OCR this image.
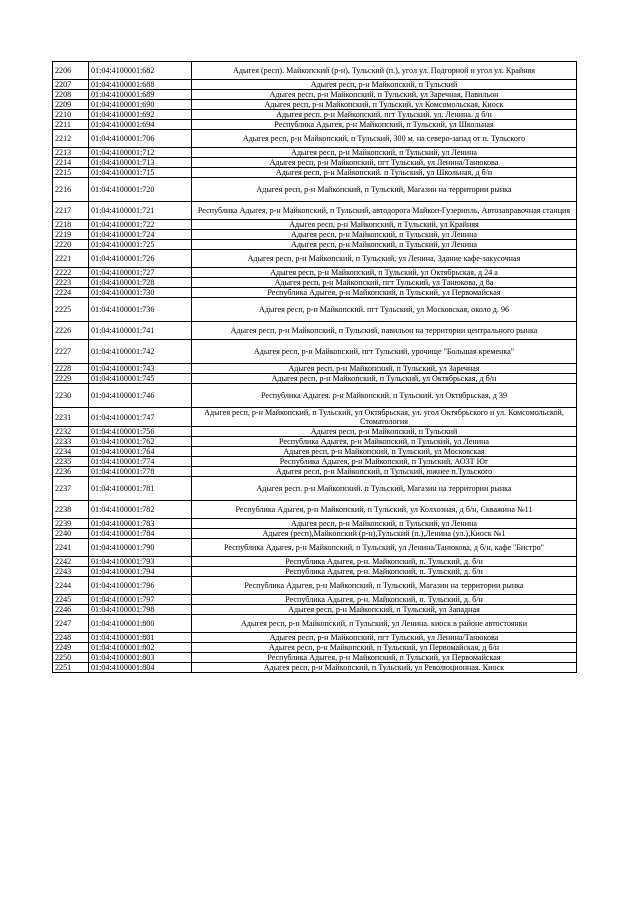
2206	01:04:4100001:682	Адыгея (респ). Майкопский (р-н), Тульский (п.), угол ул. Подгорной и угол ул. Крайняя
2207	01:04:4100001:688	Адыгея респ, р-н Майкопский, п Тульский
2208	01:04:4100001:689	Адыгея респ, р-н Майкопский, п Тульский, ул Заречная, Павильон
2209	01:04:4100001:690	Адыгея респ, р-н Майкопский, п Тульский, ул Комсомольская, Киоск
2210	01:04:4100001:692	Адыгея респ. р-н Майкопский. пгт Тульский. ул. Ленина. д б/н
2211	01:04:4100001:694	Республика Адыгея, р-н Майкопский, п Тульский, ул Школьная
2212	01:04:4100001:706	Адыгея респ, р-н Майкопский, п Тульский, 300 м. на северо-запад от п. Тульского
2213	01:04:4100001:712	Адыгея респ, р-н Майкопский, п Тульский, ул Ленина
2214	01:04:4100001:713	Адыгея респ, р-н Майкопский, пгт Тульский, ул Ленина/Танюкова
2215	01:04:4100001:715	Адыгея респ, р-н Майкопский. п Тульский, ул Школьная, д б/н
2216	01:04:4100001:720	Адыгея респ, р-н Майкопский, п Тульский, Магазин на территории рынка
2217	01:04:4100001:721	Республика Адыгея, р-н Майкопский, п Тульский, автодорога Майкоп-Гузерипль, Автозаправочная станция
2218	01:04:4100001:722	Адыгея респ, р-н Майкопский, п Тульский, ул Крайняя
2219	01:04:4100001:724	Адыгея респ, р-н Майкопский, п Тульский, ул Ленина
2220	01:04:4100001:725	Адыгея респ, р-н Майкопский, п Тульский, ул Ленина
2221	01:04:4100001:726	Адыгея респ, р-н Майкопский, п Тульский, ул Ленина, Здание кафе-закусочная
2222	01:04:4100001:727	Адыгея респ, р-н Майкопский, п Тульский, ул Октябрьская, д 24 а
2223	01:04:4100001:728	Адыгея респ, р-н Майкопский, пгт Тульский, ул Танюкова, д 8а
2224	01:04:4100001:730	Республика Адыгея, р-н Майкопский, п Тульский, ул Первомайская
2225	01:04:4100001:736	Адыгея респ, р-н Майкопский. пгт Тульский, ул Московская, около д. 96
2226	01:04:4100001:741	Адыгея респ, р-н Майкопский, п Тульский, павильон на территории центрального рынка
2227	01:04:4100001:742	Адыгея респ, р-н Майкопский, пгт Тульский, урочище "Большая кременка"
2228	01:04:4100001:743	Адыгея респ, р-н Майкопский, п Тульский, ул Заречная
2229	01:04:4100001:745	Адыгея респ, р-н Майкопский, п Тульский, ул Октябрьская, д б/н
2230	01:04:4100001:746	Республика Адыгея. р-н Майкопский. п Тульский. ул Октябрьская, д 39
2231	01:04:4100001:747	Адыгея респ, р-н Майкопский, п Тульский, ул Октябрьская, ул. угол Октябрьского и ул. Комсомольской, Стоматология
2232	01:04:4100001:756	Адыгея респ, р-н Майкопский, п Тульский
2233	01:04:4100001:762	Республика Адыгея, р-н Майкопский, п Тульский, ул Ленина
2234	01:04:4100001:764	Адыгея респ, р-н Майкопский, п Тульский, ул Московская
2235	01:04:4100001:774	Республика Адыгея, р-н Майкопский, п Тульский, АОЗТ Юг
2236	01:04:4100001:778	Адыгея респ, р-н Майкопский, п Тульский, южнее п.Тульского
2237	01:04:4100001:781	Адыгея респ. р-н Майкопский. п Тульский, Магазин на территории рынка
2238	01:04:4100001:782	Республика Адыгея, р-н Майкопский, п Тульский, ул Колхозная, д б/н, Скважина №11
2239	01:04:4100001:783	Адыгея респ, р-н Майкопский, п Тульский, ул Ленина
2240	01:04:4100001:784	Адыгея (респ),Майкопский (р-н),Тульский (п.),Ленина (ул.),Киоск №1
2241	01:04:4100001:790	Республика Адыгея, р-н Майкопский, п Тульский, ул Ленина/Танюкова, д б/н, кафе "Бистро"
2242	01:04:4100001:793	Республика Адыгея, р-н. Майкопский, п. Тульский, д. б/н
2243	01:04:4100001:794	Республика Адыгея, р-н. Майкопский, п. Тульский, д. б/н
2244	01:04:4100001:796	Республика Адыгея, р-н Майкопский, п Тульский, Магазин на территории рынка
2245	01:04:4100001:797	Республика Адыгея, р-н. Майкопский, п. Тульский, д. б/н
2246	01:04:4100001:798	Адыгея респ, р-н Майкопский, п Тульский, ул Западная
2247	01:04:4100001:800	Адыгея респ, р-н Майкопский, п Тульский, ул Ленина. киоск в районе автостоянки
2248	01:04:4100001:801	Адыгея респ, р-н Майкопский, пгт Тульский, ул Ленина/Танюкова
2249	01:04:4100001:802	Адыгея респ, р-н Майкопский, п Тульский, ул Первомайская, д б/н
2250	01:04:4100001:803	Республика Адыгея, р-н Майкопский, п Тульский, ул Первомайская
2251	01:04:4100001:804	Адыгея респ, р-н Майкопский, п Тульский, ул Революционная. Киоск
